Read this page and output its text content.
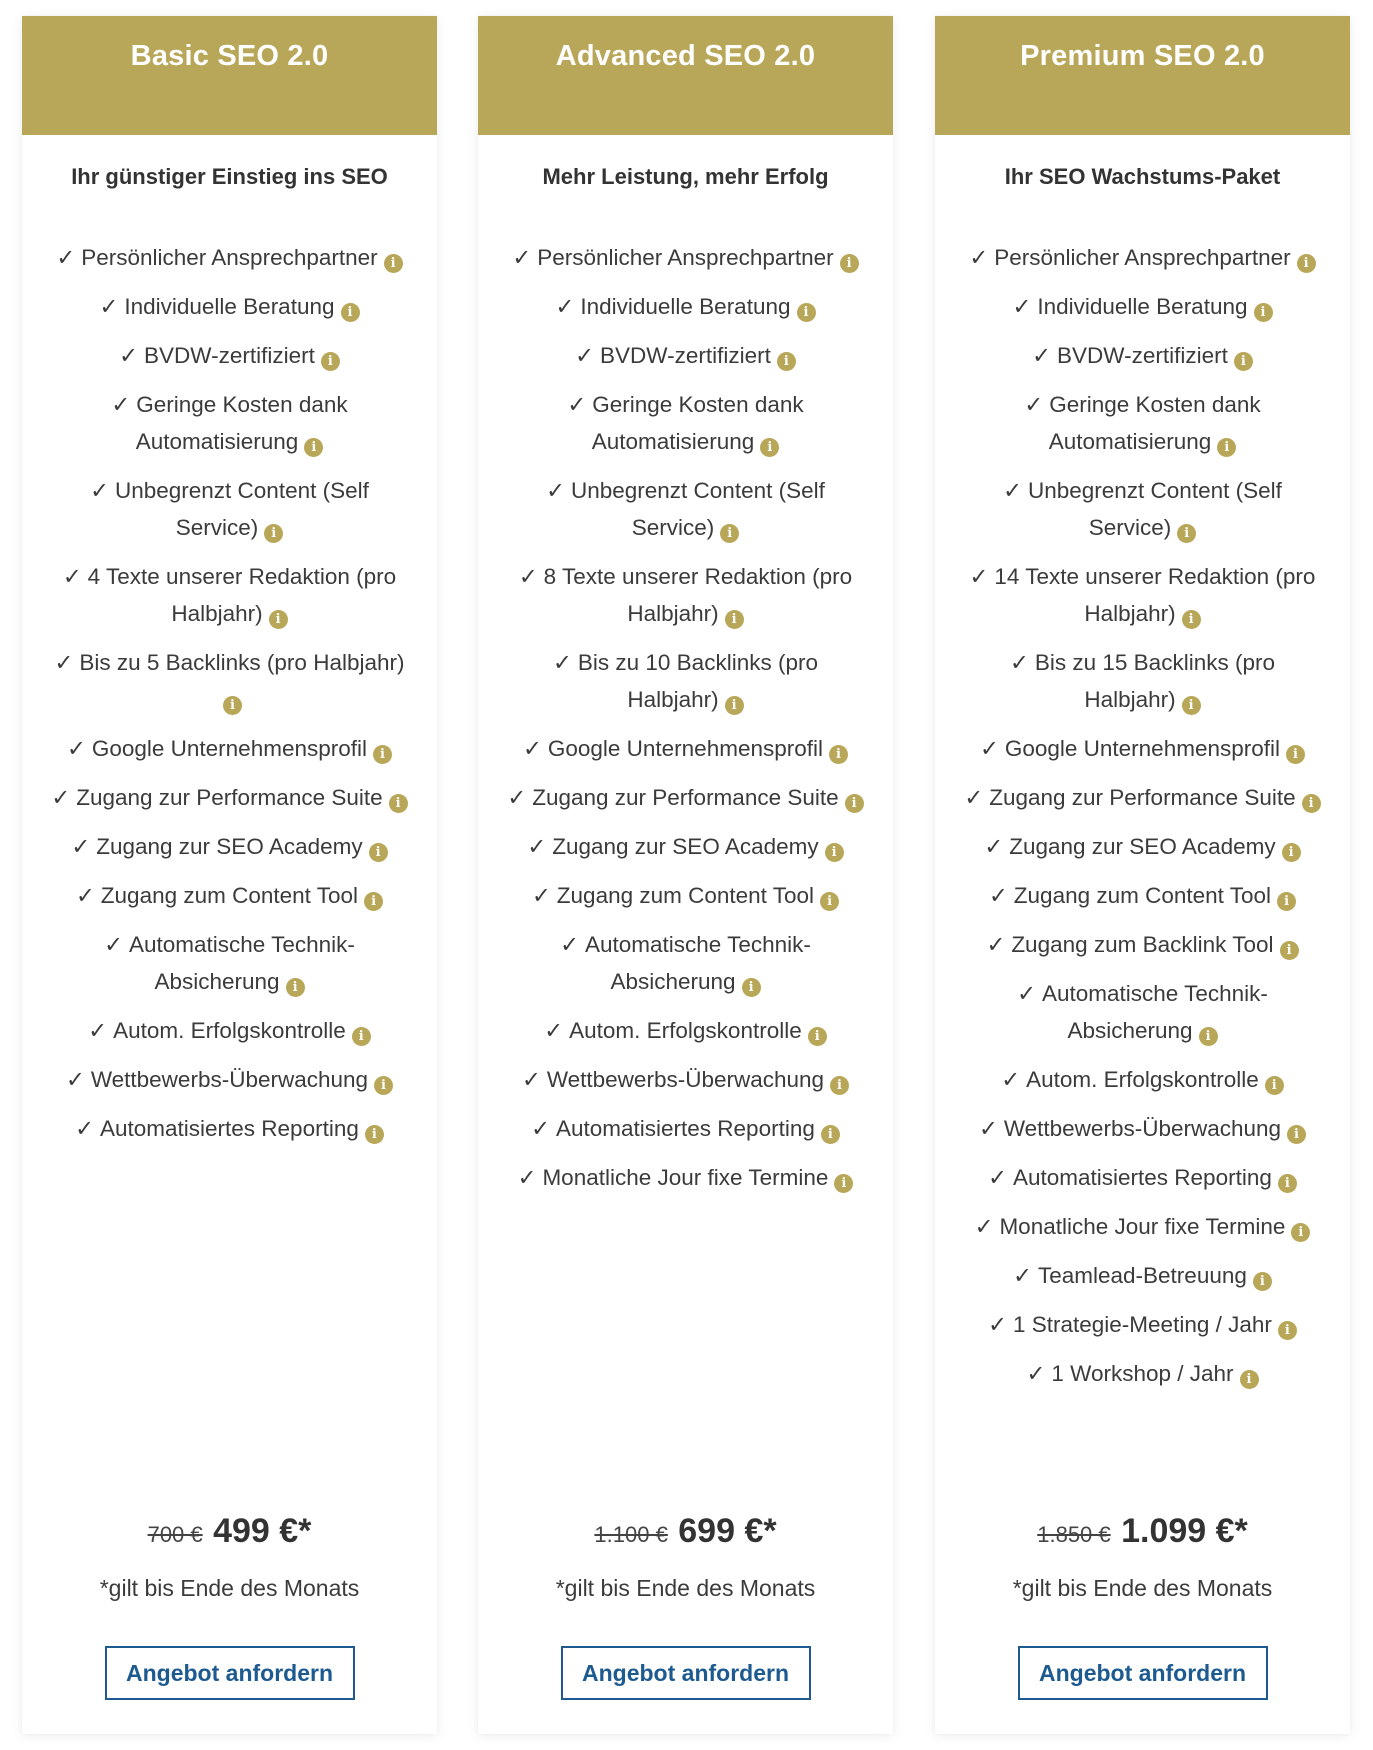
Basic SEO 2.0
Ihr günstiger Einstieg ins SEO
✓ Persönlicher Ansprechpartner i
✓ Individuelle Beratung i
✓ BVDW-zertifiziert i
✓ Geringe Kosten dank Automatisierung i
✓ Unbegrenzt Content (Self Service) i
✓ 4 Texte unserer Redaktion (pro Halbjahr) i
✓ Bis zu 5 Backlinks (pro Halbjahr)i
✓ Google Unternehmensprofil i
✓ Zugang zur Performance Suite i
✓ Zugang zur SEO Academy i
✓ Zugang zum Content Tool i
✓ Automatische Technik-Absicherung i
✓ Autom. Erfolgskontrolle i
✓ Wettbewerbs-Überwachung i
✓ Automatisiertes Reporting i
700 € 499 €*
*gilt bis Ende des Monats
Angebot anfordern
Advanced SEO 2.0
Mehr Leistung, mehr Erfolg
✓ Persönlicher Ansprechpartner i
✓ Individuelle Beratung i
✓ BVDW-zertifiziert i
✓ Geringe Kosten dank Automatisierung i
✓ Unbegrenzt Content (Self Service) i
✓ 8 Texte unserer Redaktion (pro Halbjahr) i
✓ Bis zu 10 Backlinks (pro Halbjahr) i
✓ Google Unternehmensprofil i
✓ Zugang zur Performance Suite i
✓ Zugang zur SEO Academy i
✓ Zugang zum Content Tool i
✓ Automatische Technik-Absicherung i
✓ Autom. Erfolgskontrolle i
✓ Wettbewerbs-Überwachung i
✓ Automatisiertes Reporting i
✓ Monatliche Jour fixe Termine i
1.100 € 699 €*
*gilt bis Ende des Monats
Angebot anfordern
Premium SEO 2.0
Ihr SEO Wachstums-Paket
✓ Persönlicher Ansprechpartner i
✓ Individuelle Beratung i
✓ BVDW-zertifiziert i
✓ Geringe Kosten dank Automatisierung i
✓ Unbegrenzt Content (Self Service) i
✓ 14 Texte unserer Redaktion (pro Halbjahr) i
✓ Bis zu 15 Backlinks (pro Halbjahr) i
✓ Google Unternehmensprofil i
✓ Zugang zur Performance Suite i
✓ Zugang zur SEO Academy i
✓ Zugang zum Content Tool i
✓ Zugang zum Backlink Tool i
✓ Automatische Technik-Absicherung i
✓ Autom. Erfolgskontrolle i
✓ Wettbewerbs-Überwachung i
✓ Automatisiertes Reporting i
✓ Monatliche Jour fixe Termine i
✓ Teamlead-Betreuung i
✓ 1 Strategie-Meeting / Jahr i
✓ 1 Workshop / Jahr i
1.850 € 1.099 €*
*gilt bis Ende des Monats
Angebot anfordern
